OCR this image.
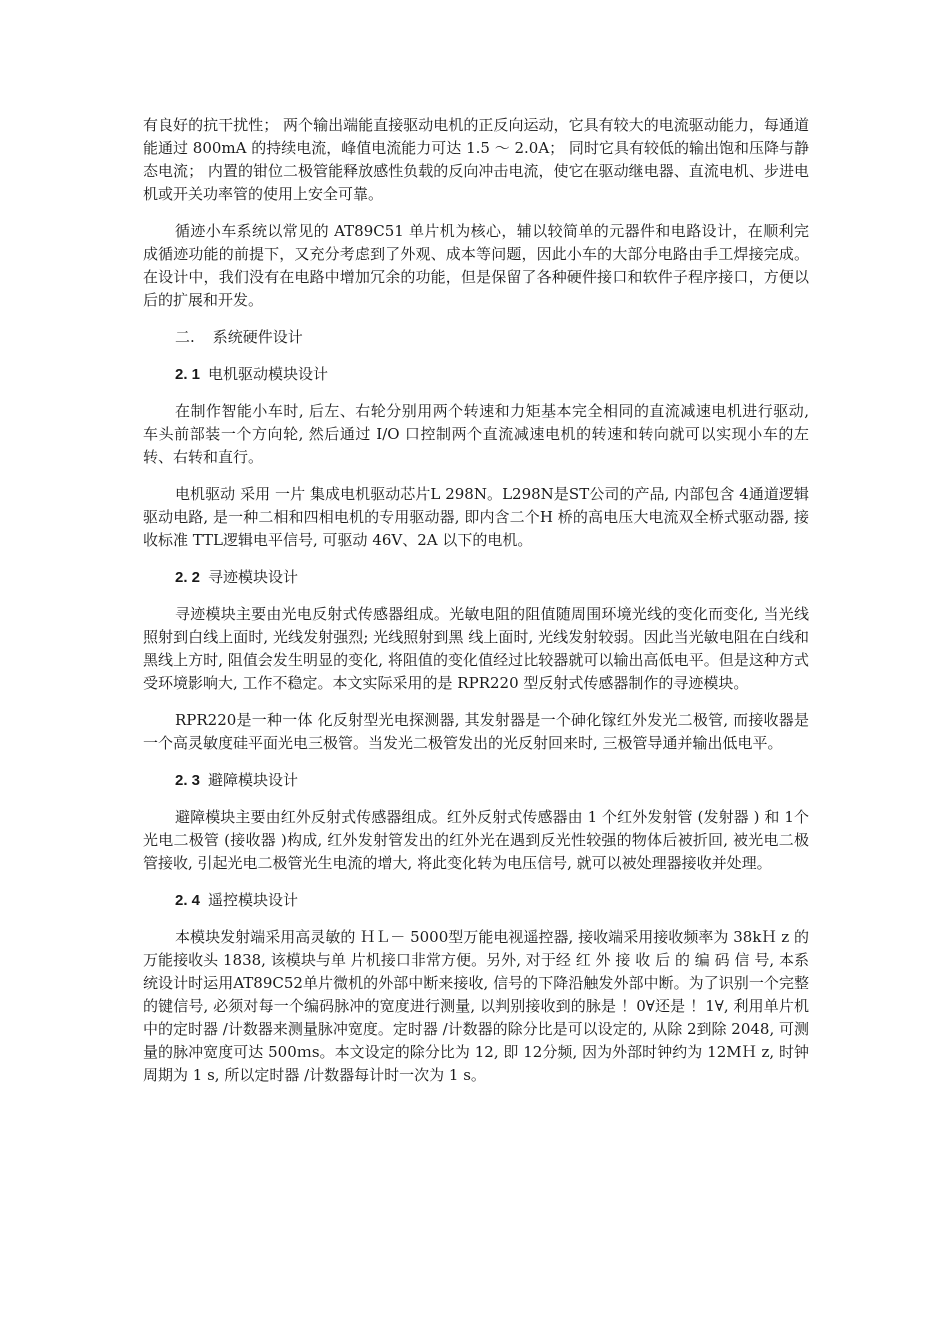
有良好的抗干扰性； 两个输出端能直接驱动电机的正反向运动，它具有较大的电流驱动能力，每通道能通过 800mA 的持续电流，峰值电流能力可达 1.5 ～ 2.0A； 同时它具有较低的输出饱和压降与静态电流； 内置的钳位二极管能释放感性负载的反向冲击电流，使它在驱动继电器、直流电机、步进电机或开关功率管的使用上安全可靠。

循迹小车系统以常见的 AT89C51 单片机为核心，辅以较简单的元器件和电路设计，在顺利完成循迹功能的前提下，又充分考虑到了外观、成本等问题，因此小车的大部分电路由手工焊接完成。在设计中，我们没有在电路中增加冗余的功能，但是保留了各种硬件接口和软件子程序接口，方便以后的扩展和开发。

二. 系统硬件设计
2. 1 电机驱动模块设计

在制作智能小车时, 后左、右轮分别用两个转速和力矩基本完全相同的直流减速电机进行驱动, 车头前部装一个方向轮, 然后通过 I/O 口控制两个直流减速电机的转速和转向就可以实现小车的左转、右转和直行。

电机驱动 采用 一片 集成电机驱动芯片L 298N。L298N是ST公司的产品, 内部包含 4通道逻辑驱动电路, 是一种二相和四相电机的专用驱动器, 即内含二个H 桥的高电压大电流双全桥式驱动器, 接收标准 TTL逻辑电平信号, 可驱动 46V、2A 以下的电机。

2. 2 寻迹模块设计

寻迹模块主要由光电反射式传感器组成。光敏电阻的阻值随周围环境光线的变化而变化, 当光线照射到白线上面时, 光线发射强烈; 光线照射到黑 线上面时, 光线发射较弱。因此当光敏电阻在白线和黑线上方时, 阻值会发生明显的变化, 将阻值的变化值经过比较器就可以输出高低电平。但是这种方式受环境影响大, 工作不稳定。本文实际采用的是 RPR220 型反射式传感器制作的寻迹模块。

RPR220是一种一体 化反射型光电探测器, 其发射器是一个砷化镓红外发光二极管, 而接收器是一个高灵敏度硅平面光电三极管。当发光二极管发出的光反射回来时, 三极管导通并输出低电平。

2. 3 避障模块设计

避障模块主要由红外反射式传感器组成。红外反射式传感器由 1 个红外发射管 (发射器 ) 和 1个光电二极管 (接收器 )构成, 红外发射管发出的红外光在遇到反光性较强的物体后被折回, 被光电二极管接收, 引起光电二极管光生电流的增大, 将此变化转为电压信号, 就可以被处理器接收并处理。

2. 4 遥控模块设计

本模块发射端采用高灵敏的 ＨＬ－ 5000型万能电视遥控器, 接收端采用接收频率为 38kＨ z 的万能接收头 1838, 该模块与单 片机接口非常方便。另外, 对于经 红 外 接 收 后 的 编 码 信 号, 本系统设计时运用AT89C52单片微机的外部中断来接收, 信号的下降沿触发外部中断。为了识别一个完整的键信号, 必须对每一个编码脉冲的宽度进行测量, 以判别接收到的脉是 ！0∀还是 ！1∀, 利用单片机中的定时器 /计数器来测量脉冲宽度。定时器 /计数器的除分比是可以设定的, 从除 2到除 2048, 可测量的脉冲宽度可达 500ｍs。本文设定的除分比为 12, 即 12分频, 因为外部时钟约为 12MＨ z, 时钟周期为 1 s, 所以定时器 /计数器每计时一次为 1 s。
